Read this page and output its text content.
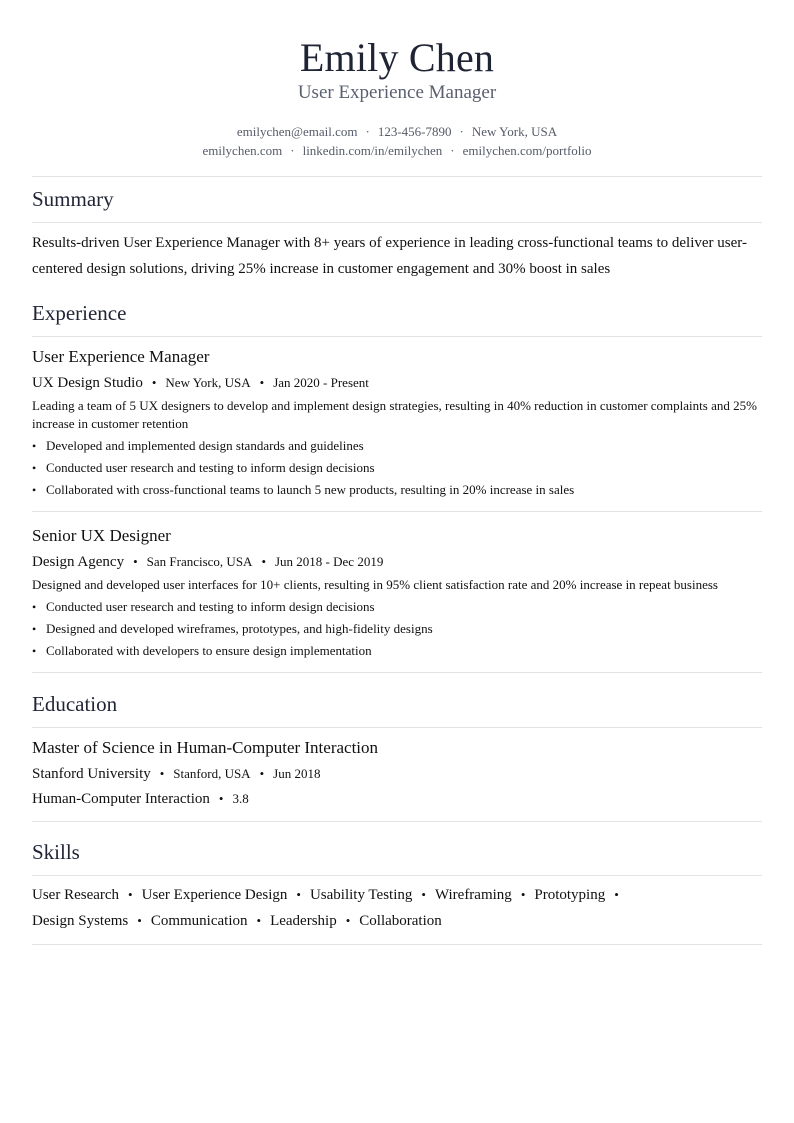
Emily Chen
User Experience Manager
emilychen@email.com · 123-456-7890 · New York, USA
emilychen.com · linkedin.com/in/emilychen · emilychen.com/portfolio
Summary
Results-driven User Experience Manager with 8+ years of experience in leading cross-functional teams to deliver user-centered design solutions, driving 25% increase in customer engagement and 30% boost in sales
Experience
User Experience Manager
UX Design Studio • New York, USA • Jan 2020 - Present
Leading a team of 5 UX designers to develop and implement design strategies, resulting in 40% reduction in customer complaints and 25% increase in customer retention
• Developed and implemented design standards and guidelines
• Conducted user research and testing to inform design decisions
• Collaborated with cross-functional teams to launch 5 new products, resulting in 20% increase in sales
Senior UX Designer
Design Agency • San Francisco, USA • Jun 2018 - Dec 2019
Designed and developed user interfaces for 10+ clients, resulting in 95% client satisfaction rate and 20% increase in repeat business
• Conducted user research and testing to inform design decisions
• Designed and developed wireframes, prototypes, and high-fidelity designs
• Collaborated with developers to ensure design implementation
Education
Master of Science in Human-Computer Interaction
Stanford University • Stanford, USA • Jun 2018
Human-Computer Interaction • 3.8
Skills
User Research • User Experience Design • Usability Testing • Wireframing • Prototyping •
Design Systems • Communication • Leadership • Collaboration
